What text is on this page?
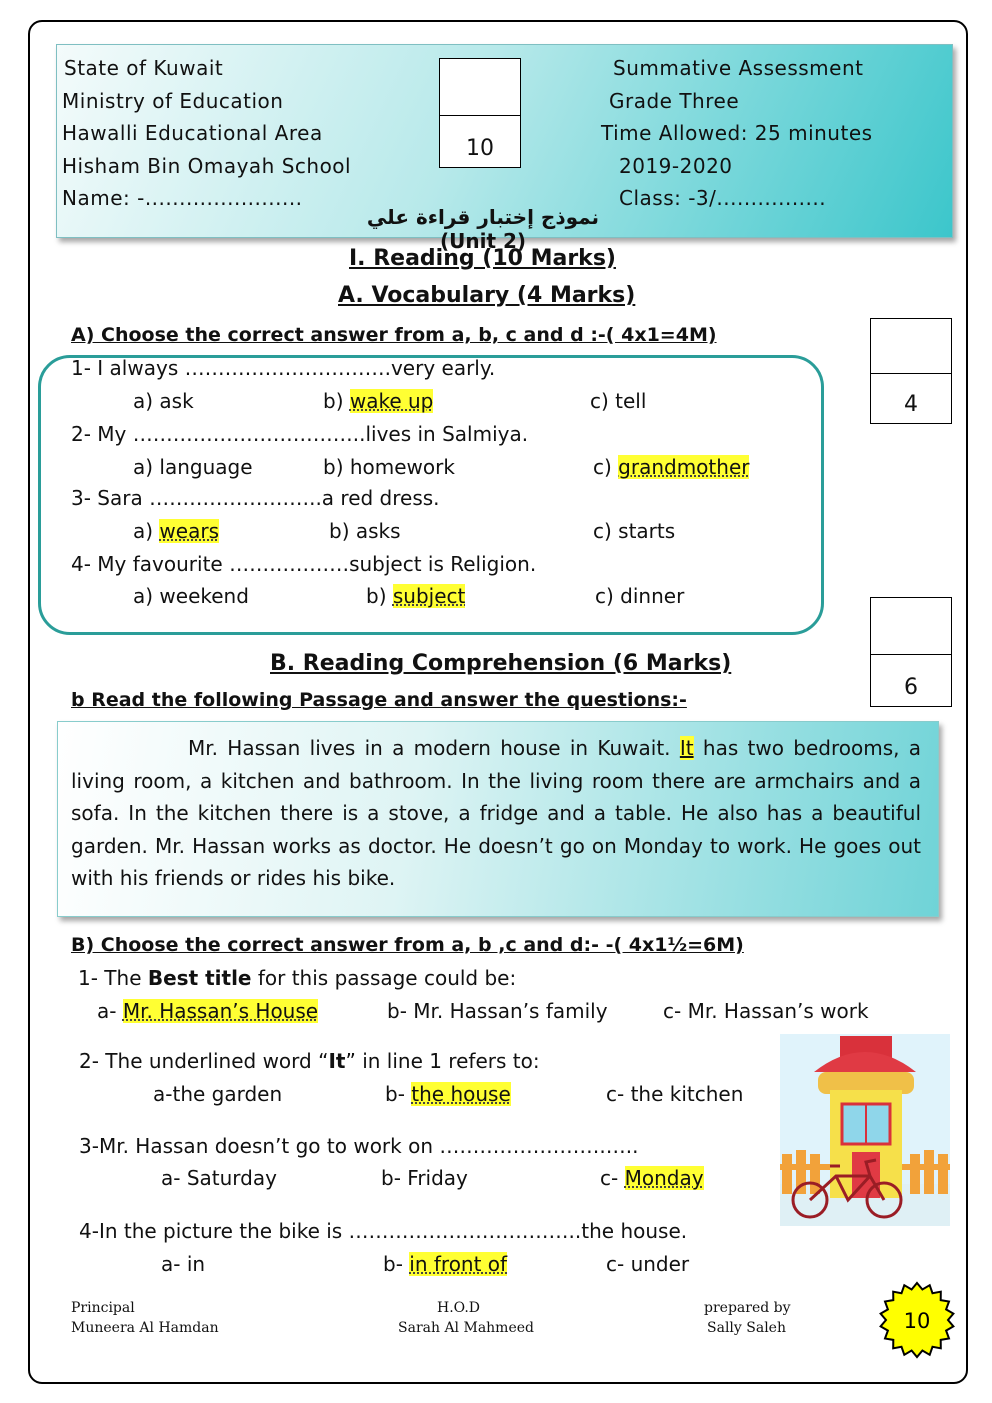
State of Kuwait
Ministry of Education
Hawalli Educational Area
Hisham Bin Omayah School
Name: -.......................
Summative Assessment
Grade Three
Time Allowed: 25 minutes
2019-2020
Class: -3/................
10
نموذج إختبار قراءة علي (Unit 2)
I. Reading (10 Marks)
A. Vocabulary (4 Marks)
A) Choose the correct answer from a, b, c and d :-( 4x1=4M)
4
1- I always ………………………….very early.
a) ask	b) wake up	c) tell
2- My ……………………………..lives in Salmiya.
a) language	b) homework	c) grandmother
3- Sara ……………………..a red dress.
a) wears	b) asks	c) starts
4- My favourite ………………subject is Religion.
a) weekend	b) subject	c) dinner
6
B. Reading Comprehension (6 Marks)
b Read the following Passage and answer the questions:-
Mr. Hassan lives in a modern house in Kuwait. It has two bedrooms, a living room, a kitchen and bathroom. In the living room there are armchairs and a sofa. In the kitchen there is a stove, a fridge and a table. He also has a beautiful garden. Mr. Hassan works as doctor. He doesn’t go on Monday to work. He goes out with his friends or rides his bike.
B) Choose the correct answer from a, b ,c and d:- -( 4x1½=6M)
1- The Best title for this passage could be:
a- Mr. Hassan’s House	b- Mr. Hassan’s family	c- Mr. Hassan’s work
2- The underlined word “It” in line 1 refers to:
a-the garden	b- the house	c- the kitchen
3-Mr. Hassan doesn’t go to work on …………………….…..
a- Saturday	b- Friday	c- Monday
4-In the picture the bike is ……………………………..the house.
a- in	b- in front of	c- under
Principal
Muneera Al Hamdan
H.O.D
Sarah Al Mahmeed
prepared by
Sally Saleh	10
